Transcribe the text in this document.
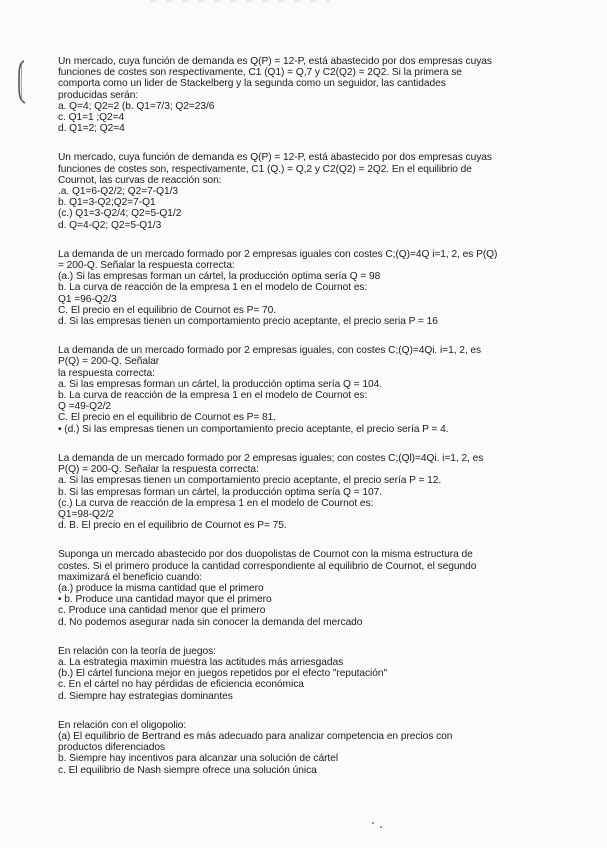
Un mercado, cuya función de demanda es Q(P) = 12-P, está abastecido por dos empresas cuyas
funciones de costes son respectivamente, C1 (Q1) = Q,7 y C2(Q2) = 2Q2. Si la primera se
comporta como un lider de Stackelberg y la segunda como un seguidor, las cantidades
producidas serán:
a. Q=4; Q2=2 (b. Q1=7/3; Q2=23/6
c. Q1=1 ;Q2=4
d. Q1=2; Q2=4
Un mercado, cuya función de demanda es Q(P) = 12-P, está abastecido por dos empresas cuyas
funciones de costes son, respectivamente, C1 (Q.) = Q,2 y C2(Q2) = 2Q2. En el equilibrio de
Cournot, las curvas de reacción son:
.a. Q1=6-Q2/2; Q2=7-Q1/3
b. Q1=3-Q2;Q2=7-Q1
(c.) Q1=3-Q2/4; Q2=5-Q1/2
d. Q=4-Q2; Q2=5-Q1/3
La demanda de un mercado formado por 2 empresas iguales con costes C;(Q)=4Q i=1, 2, es P(Q)
= 200-Q. Señalar la respuesta correcta:
(a.) Si las empresas forman un cártel, la producción optima sería Q = 98
b. La curva de reacción de la empresa 1 en el modelo de Cournot es:
Q1 =96-Q2/3
C. El precio en el equilibrio de Cournot es P= 70.
d. Si las empresas tienen un comportamiento precio aceptante, el precio seria P = 16
La demanda de un mercado formado por 2 empresas iguales, con costes C;(Q)=4Qi. i=1, 2, es
P(Q) = 200-Q. Señalar
la respuesta correcta:
a. Si las empresas forman un cártel, la producción optima sería Q = 104.
b. La curva de reacción de la empresa 1 en el modelo de Cournot es:
Q =49-Q2/2
C. El precio en el equilibrio de Cournot es P= 81.
• (d.) Si las empresas tienen un comportamiento precio aceptante, el precio sería P = 4.
La demanda de un mercado formado por 2 empresas iguales; con costes C;(Ql)=4Qi. i=1, 2, es
P(Q) = 200-Q. Señalar la respuesta correcta:
a. Si las empresas tienen un comportamiento precio aceptante, el precio sería P = 12.
b. Si las empresas forman un cártel, la producción optima sería Q = 107.
(c.) La curva de reacción de la empresa 1 en el modelo de Cournot es:
Q1=98-Q2/2
d. B. El precio en el equilibrio de Cournot es P= 75.
Suponga un mercado abastecido por dos duopolistas de Cournot con la misma estructura de
costes. Si el primero produce la cantidad correspondiente al equilibrio de Cournot, el segundo
maximizará el beneficio cuando:
(a.) produce la misma cantidad que el primero
• b. Produce una cantidad mayor que el primero
c. Produce una cantidad menor que el primero
d. No podemos asegurar nada sin conocer la demanda del mercado
En relación con la teoría de juegos:
a. La estrategia maximin muestra las actitudes más arriesgadas
(b.) El cártel funciona mejor en juegos repetidos por el efecto "reputación"
c. En el cártel no hay pérdidas de eficiencia económica
d. Siempre hay estrategias dominantes
En relación con el oligopolio:
(a) El equilibrio de Bertrand es más adecuado para analizar competencia en precios con
productos diferenciados
b. Siempre hay incentivos para alcanzar una solución de cártel
c. El equilibrio de Nash siempre ofrece una solución única
